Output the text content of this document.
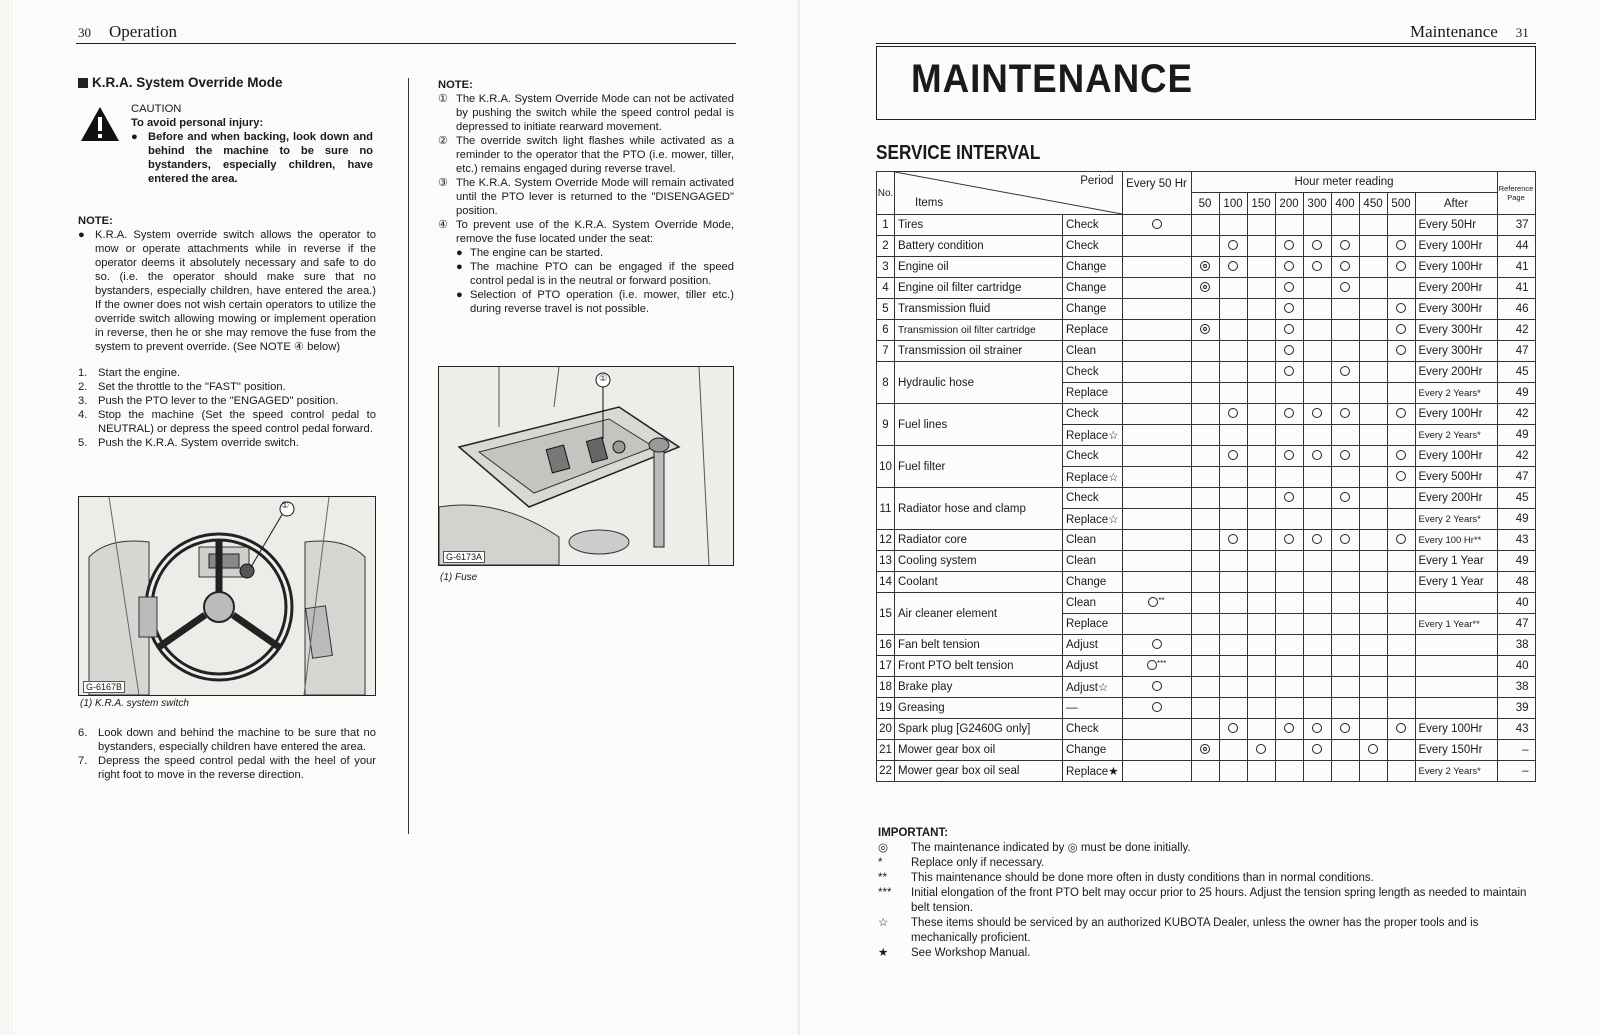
30 Operation
K.R.A. System Override Mode
CAUTION
To avoid personal injury:
● Before and when backing, look down and behind the machine to be sure no bystanders, especially children, have entered the area.
NOTE:
● K.R.A. System override switch allows the operator to mow or operate attachments while in reverse if the operator deems it absolutely necessary and safe to do so. (i.e. the operator should make sure that no bystanders, especially children, have entered the area.) If the owner does not wish certain operators to utilize the override switch allowing mowing or implement operation in reverse, then he or she may remove the fuse from the system to prevent override. (See NOTE ④ below)
1. Start the engine.
2. Set the throttle to the "FAST" position.
3. Push the PTO lever to the "ENGAGED" position.
4. Stop the machine (Set the speed control pedal to NEUTRAL) or depress the speed control pedal forward.
5. Push the K.R.A. System override switch.
①
G-6167B
(1) K.R.A. system switch
6. Look down and behind the machine to be sure that no bystanders, especially children have entered the area.
7. Depress the speed control pedal with the heel of your right foot to move in the reverse direction.
NOTE:
① The K.R.A. System Override Mode can not be activated by pushing the switch while the speed control pedal is depressed to initiate rearward movement.
② The override switch light flashes while activated as a reminder to the operator that the PTO (i.e. mower, tiller, etc.) remains engaged during reverse travel.
③ The K.R.A. System Override Mode will remain activated until the PTO lever is returned to the "DISENGAGED" position.
④ To prevent use of the K.R.A. System Override Mode, remove the fuse located under the seat:
● The engine can be started.
● The machine PTO can be engaged if the speed control pedal is in the neutral or forward position.
● Selection of PTO operation (i.e. mower, tiller etc.) during reverse travel is not possible.
①
G-6173A
(1) Fuse
Maintenance 31
MAINTENANCE
SERVICE INTERVAL
No.	Period
Items		Every 50 Hr	Hour meter reading									Reference Page
				50	100	150	200	300	400	450	500	After	
1	Tires	Check										Every 50Hr	37
2	Battery condition	Check										Every 100Hr	44
3	Engine oil	Change										Every 100Hr	41
4	Engine oil filter cartridge	Change										Every 200Hr	41
5	Transmission fluid	Change										Every 300Hr	46
6	Transmission oil filter cartridge	Replace										Every 300Hr	42
7	Transmission oil strainer	Clean										Every 300Hr	47
8	Hydraulic hose	Check										Every 200Hr	45
		Replace										Every 2 Years*	49
9	Fuel lines	Check										Every 100Hr	42
		Replace☆										Every 2 Years*	49
10	Fuel filter	Check										Every 100Hr	42
		Replace☆										Every 500Hr	47
11	Radiator hose and clamp	Check										Every 200Hr	45
		Replace☆										Every 2 Years*	49
12	Radiator core	Clean										Every 100 Hr**	43
13	Cooling system	Clean										Every 1 Year	49
14	Coolant	Change										Every 1 Year	48
15	Air cleaner element	Clean	**										40
		Replace										Every 1 Year**	47
16	Fan belt tension	Adjust											38
17	Front PTO belt tension	Adjust	***										40
18	Brake play	Adjust☆											38
19	Greasing	—											39
20	Spark plug [G2460G only]	Check										Every 100Hr	43
21	Mower gear box oil	Change										Every 150Hr	–
22	Mower gear box oil seal	Replace★										Every 2 Years*	–
IMPORTANT:
◎	The maintenance indicated by ◎ must be done initially.
*	Replace only if necessary.
**	This maintenance should be done more often in dusty conditions than in normal conditions.
***	Initial elongation of the front PTO belt may occur prior to 25 hours. Adjust the tension spring length as needed to maintain belt tension.
☆	These items should be serviced by an authorized KUBOTA Dealer, unless the owner has the proper tools and is mechanically proficient.
★	See Workshop Manual.
